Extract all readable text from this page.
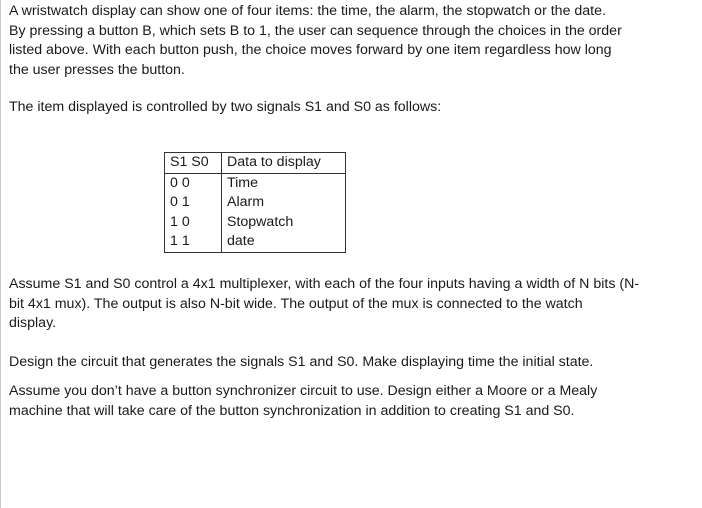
A wristwatch display can show one of four items: the time, the alarm, the stopwatch or the date.
By pressing a button B, which sets B to 1, the user can sequence through the choices in the order
listed above. With each button push, the choice moves forward by one item regardless how long
the user presses the button.

The item displayed is controlled by two signals S1 and S0 as follows:

S1 S0	Data to display
0 0	Time
0 1	Alarm
1 0	Stopwatch
1 1	date

Assume S1 and S0 control a 4x1 multiplexer, with each of the four inputs having a width of N bits (N-
bit 4x1 mux). The output is also N-bit wide. The output of the mux is connected to the watch
display.

Design the circuit that generates the signals S1 and S0. Make displaying time the initial state.

Assume you don’t have a button synchronizer circuit to use. Design either a Moore or a Mealy
machine that will take care of the button synchronization in addition to creating S1 and S0.
